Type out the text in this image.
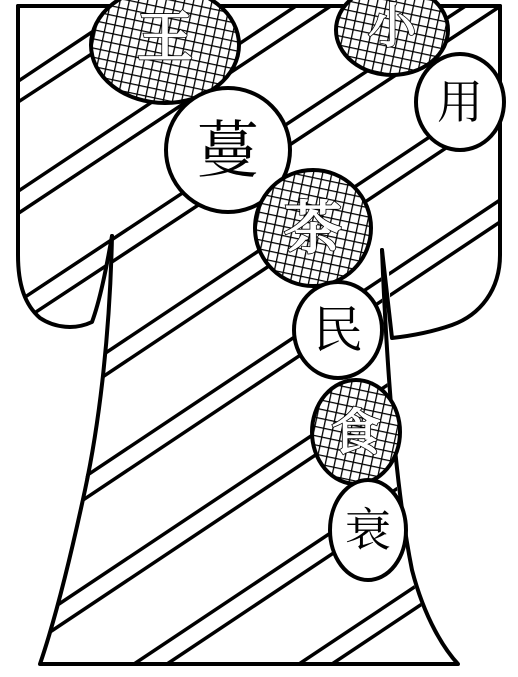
王	小
用
蔓
茶
民
食
衰
